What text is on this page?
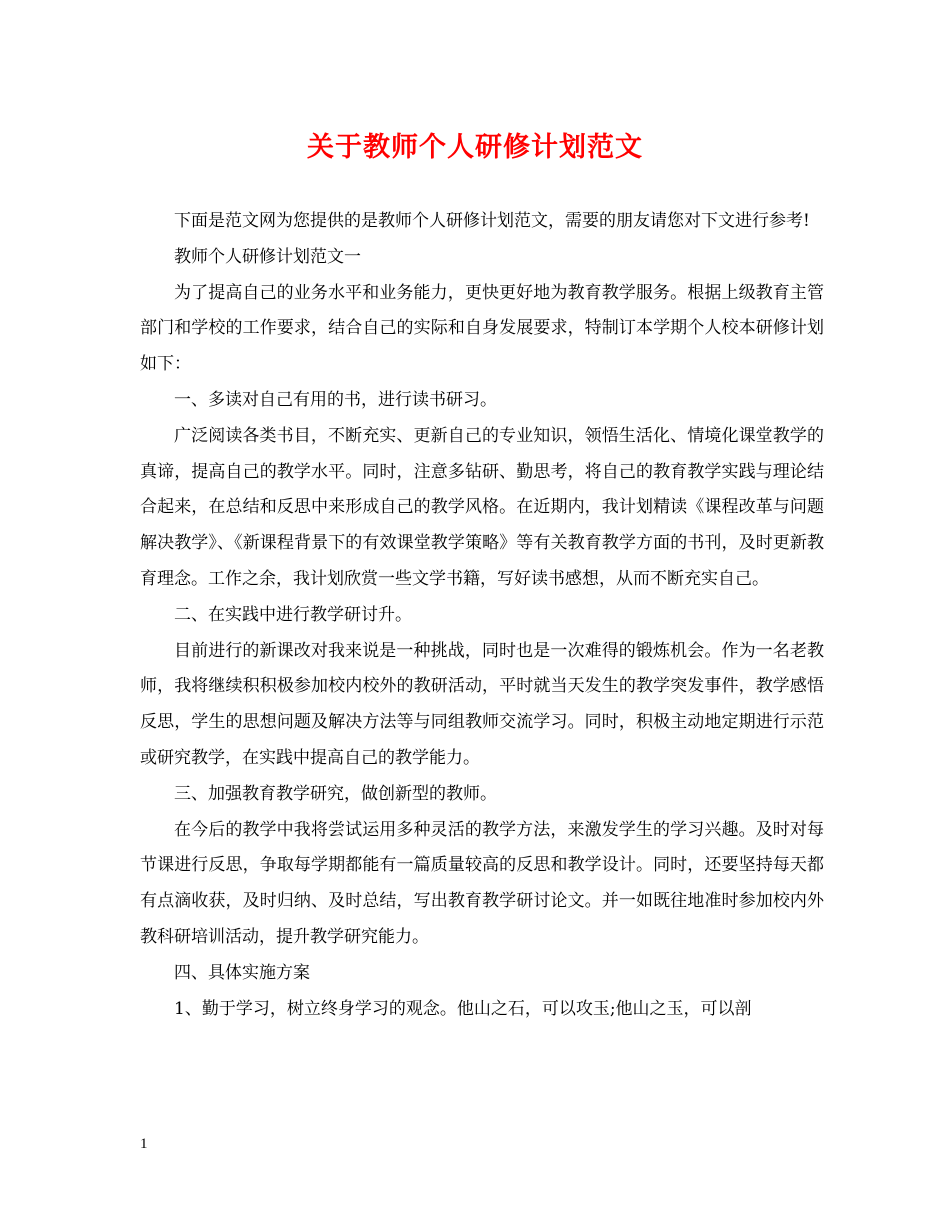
关于教师个人研修计划范文

下面是范文网为您提供的是教师个人研修计划范文，需要的朋友请您对下文进行参考!

教师个人研修计划范文一

为了提高自己的业务水平和业务能力，更快更好地为教育教学服务。根据上级教育主管部门和学校的工作要求，结合自己的实际和自身发展要求，特制订本学期个人校本研修计划如下：

一、多读对自己有用的书，进行读书研习。

广泛阅读各类书目，不断充实、更新自己的专业知识，领悟生活化、情境化课堂教学的真谛，提高自己的教学水平。同时，注意多钻研、勤思考，将自己的教育教学实践与理论结合起来，在总结和反思中来形成自己的教学风格。在近期内，我计划精读《课程改革与问题解决教学》、《新课程背景下的有效课堂教学策略》等有关教育教学方面的书刊，及时更新教育理念。工作之余，我计划欣赏一些文学书籍，写好读书感想，从而不断充实自己。

二、在实践中进行教学研讨升。

目前进行的新课改对我来说是一种挑战，同时也是一次难得的锻炼机会。作为一名老教师，我将继续积积极参加校内校外的教研活动，平时就当天发生的教学突发事件，教学感悟反思，学生的思想问题及解决方法等与同组教师交流学习。同时，积极主动地定期进行示范或研究教学，在实践中提高自己的教学能力。

三、加强教育教学研究，做创新型的教师。

在今后的教学中我将尝试运用多种灵活的教学方法，来激发学生的学习兴趣。及时对每节课进行反思，争取每学期都能有一篇质量较高的反思和教学设计。同时，还要坚持每天都有点滴收获，及时归纳、及时总结，写出教育教学研讨论文。并一如既往地准时参加校内外教科研培训活动，提升教学研究能力。

四、具体实施方案

1、勤于学习，树立终身学习的观念。他山之石，可以攻玉;他山之玉，可以剖

1
